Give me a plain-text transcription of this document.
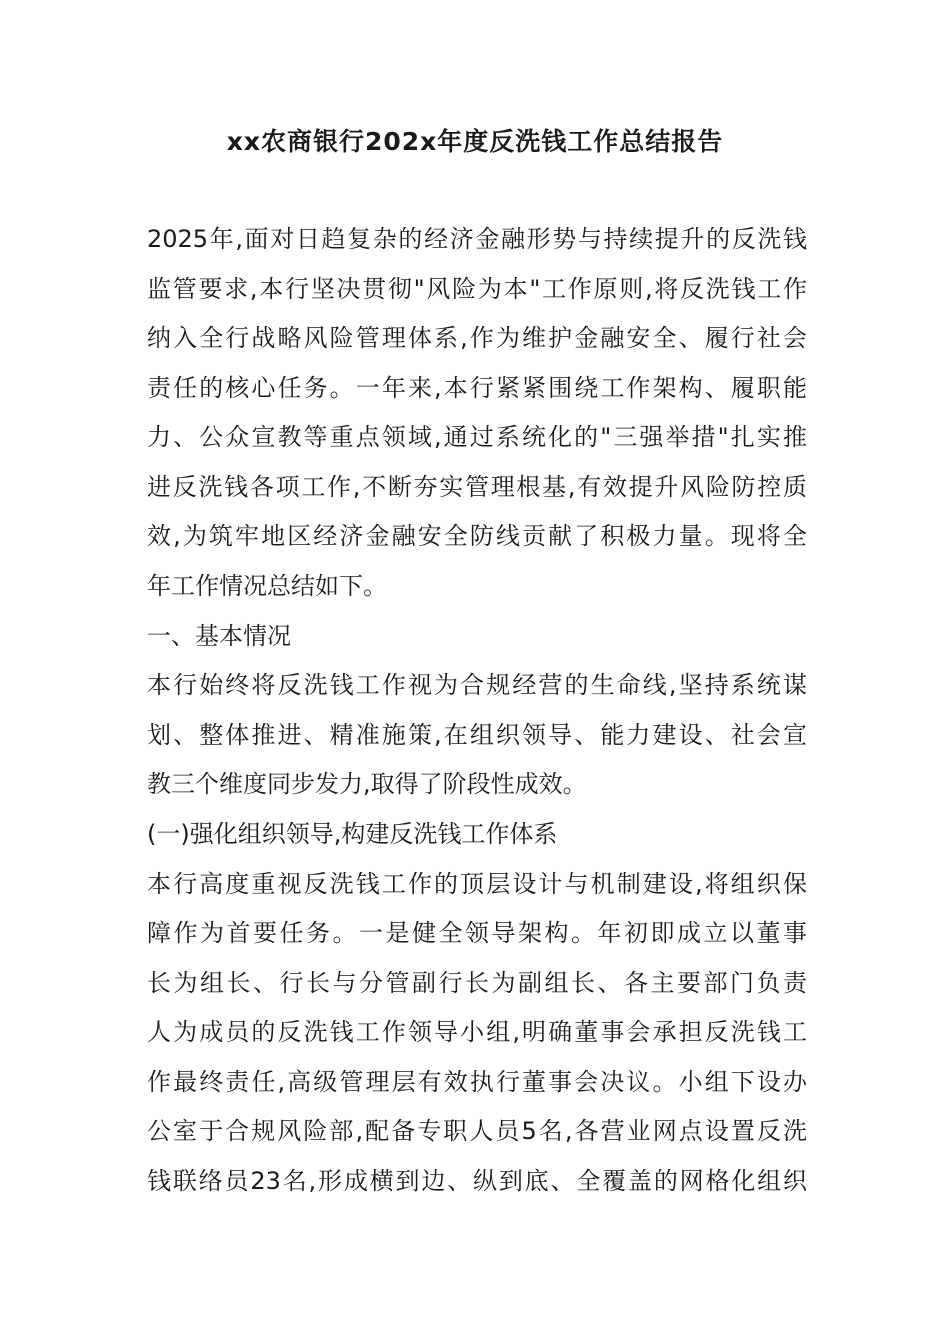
xx农商银行202x年度反洗钱工作总结报告

2025年,面对日趋复杂的经济金融形势与持续提升的反洗钱

监管要求,本行坚决贯彻"风险为本"工作原则,将反洗钱工作

纳入全行战略风险管理体系,作为维护金融安全、履行社会

责任的核心任务。一年来,本行紧紧围绕工作架构、履职能

力、公众宣教等重点领域,通过系统化的"三强举措"扎实推

进反洗钱各项工作,不断夯实管理根基,有效提升风险防控质

效,为筑牢地区经济金融安全防线贡献了积极力量。现将全

年工作情况总结如下。

一、基本情况

本行始终将反洗钱工作视为合规经营的生命线,坚持系统谋

划、整体推进、精准施策,在组织领导、能力建设、社会宣

教三个维度同步发力,取得了阶段性成效。

(一)强化组织领导,构建反洗钱工作体系

本行高度重视反洗钱工作的顶层设计与机制建设,将组织保

障作为首要任务。一是健全领导架构。年初即成立以董事

长为组长、行长与分管副行长为副组长、各主要部门负责

人为成员的反洗钱工作领导小组,明确董事会承担反洗钱工

作最终责任,高级管理层有效执行董事会决议。小组下设办

公室于合规风险部,配备专职人员5名,各营业网点设置反洗

钱联络员23名,形成横到边、纵到底、全覆盖的网格化组织
